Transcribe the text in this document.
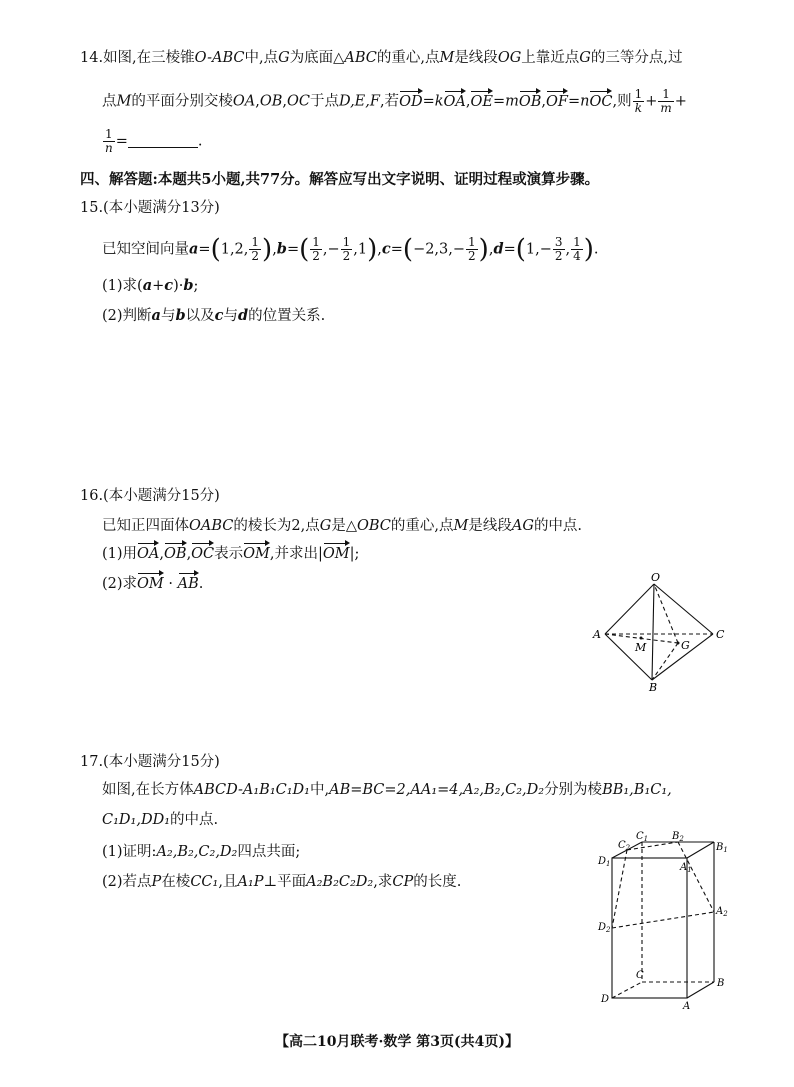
14.如图,在三棱锥O-ABC中,点G为底面△ABC的重心,点M是线段OG上靠近点G的三等分点,过
点M的平面分别交棱OA,OB,OC于点D,E,F,若OD=kOA,OE=mOB,OF=nOC,则 $\frac{1}{k} + \frac{1}{m}$ +
$\frac{1}{n}$ =	.
四、解答题:本题共5小题,共77分。解答应写出文字说明、证明过程或演算步骤。
15.(本小题满分13分)
已知空间向量a=(1,2, $\frac{1}{2} ),b=( \frac{1}{2}$ ,− $\frac{1}{2} ,1),c=(-2,3,- \frac{1}{2} ),d=(1,- \frac{3}{2}$ , $\frac{1}{4}$ ).
(1)求(a+c)·b;
(2)判断a与b以及c与d的位置关系.
16.(本小题满分15分)
已知正四面体OABC的棱长为2,点G是△OBC的重心,点M是线段AG的中点.
(1)用OA,OB,OC表示OM,并求出|OM|;
(2)求OM · AB.	O
A	C
B
M	G
17.(本小题满分15分)
如图,在长方体ABCD-A₁B₁C₁D₁中,AB=BC=2,AA₁=4,A₂,B₂,C₂,D₂分别为棱BB₁,B₁C₁,
C₁D₁,DD₁的中点.
(1)证明:A₂,B₂,C₂,D₂四点共面;
(2)若点P在棱CC₁,且A₁P⊥平面A₂B₂C₂D₂,求CP的长度.
$C_1$ $B_2$
$B_1$
$C_2$
$D_1$	$A_1$
$A_2$
$D_2$
C
B
D
A
【高二10月联考·数学 第3页(共4页)】
